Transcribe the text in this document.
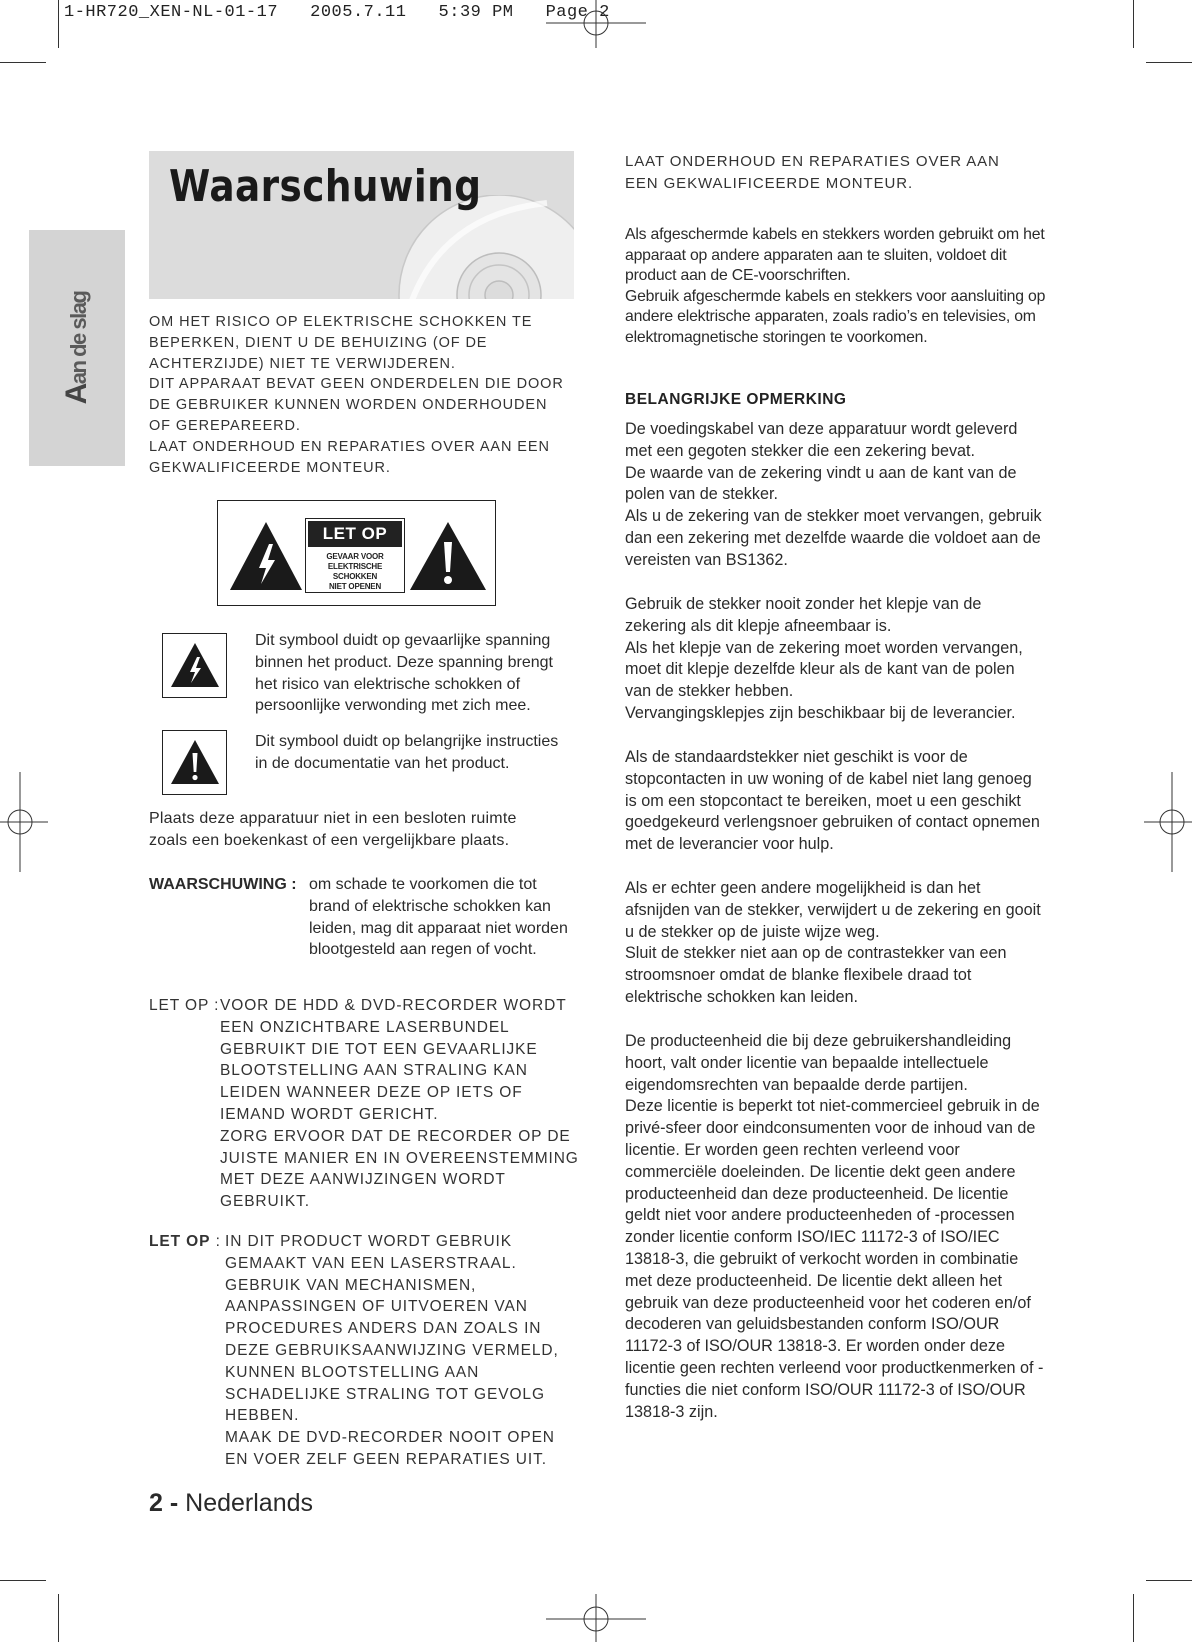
1-HR720_XEN-NL-01-17   2005.7.11   5:39 PM   Page 2
Aan de slag
Waarschuwing
OM HET RISICO OP ELEKTRISCHE SCHOKKEN TE BEPERKEN, DIENT U DE BEHUIZING (OF DE ACHTERZIJDE) NIET TE VERWIJDEREN.
DIT APPARAAT BEVAT GEEN ONDERDELEN DIE DOOR DE GEBRUIKER KUNNEN WORDEN ONDERHOUDEN OF GEREPAREERD.
LAAT ONDERHOUD EN REPARATIES OVER AAN EEN GEKWALIFICEERDE MONTEUR.
LET OP
GEVAAR VOOR
ELEKTRISCHE SCHOKKEN
NIET OPENEN
Dit symbool duidt op gevaarlijke spanning binnen het product. Deze spanning brengt het risico van elektrische schokken of persoonlijke verwonding met zich mee.
Dit symbool duidt op belangrijke instructies in de documentatie van het product.
Plaats deze apparatuur niet in een besloten ruimte zoals een boekenkast of een vergelijkbare plaats.
WAARSCHUWING : om schade te voorkomen die tot brand of elektrische schokken kan leiden, mag dit apparaat niet worden blootgesteld aan regen of vocht.
LET OP : VOOR DE HDD & DVD-RECORDER WORDT EEN ONZICHTBARE LASERBUNDEL GEBRUIKT DIE TOT EEN GEVAARLIJKE BLOOTSTELLING AAN STRALING KAN LEIDEN WANNEER DEZE OP IETS OF IEMAND WORDT GERICHT.
ZORG ERVOOR DAT DE RECORDER OP DE JUISTE MANIER EN IN OVEREENSTEMMING MET DEZE AANWIJZINGEN WORDT GEBRUIKT.
LET OP : IN DIT PRODUCT WORDT GEBRUIK GEMAAKT VAN EEN LASERSTRAAL. GEBRUIK VAN MECHANISMEN, AANPASSINGEN OF UITVOEREN VAN PROCEDURES ANDERS DAN ZOALS IN DEZE GEBRUIKSAANWIJZING VERMELD, KUNNEN BLOOTSTELLING AAN SCHADELIJKE STRALING TOT GEVOLG HEBBEN.
MAAK DE DVD-RECORDER NOOIT OPEN EN VOER ZELF GEEN REPARATIES UIT.
2 - Nederlands
LAAT ONDERHOUD EN REPARATIES OVER AAN EEN GEKWALIFICEERDE MONTEUR.
Als afgeschermde kabels en stekkers worden gebruikt om het apparaat op andere apparaten aan te sluiten, voldoet dit product aan de CE-voorschriften.
Gebruik afgeschermde kabels en stekkers voor aansluiting op andere elektrische apparaten, zoals radio’s en televisies, om elektromagnetische storingen te voorkomen.
BELANGRIJKE OPMERKING
De voedingskabel van deze apparatuur wordt geleverd met een gegoten stekker die een zekering bevat.
De waarde van de zekering vindt u aan de kant van de polen van de stekker.
Als u de zekering van de stekker moet vervangen, gebruik dan een zekering met dezelfde waarde die voldoet aan de vereisten van BS1362.
Gebruik de stekker nooit zonder het klepje van de zekering als dit klepje afneembaar is.
Als het klepje van de zekering moet worden vervangen, moet dit klepje dezelfde kleur als de kant van de polen van de stekker hebben.
Vervangingsklepjes zijn beschikbaar bij de leverancier.
Als de standaardstekker niet geschikt is voor de stopcontacten in uw woning of de kabel niet lang genoeg is om een stopcontact te bereiken, moet u een geschikt goedgekeurd verlengsnoer gebruiken of contact opnemen met de leverancier voor hulp.
Als er echter geen andere mogelijkheid is dan het afsnijden van de stekker, verwijdert u de zekering en gooit u de stekker op de juiste wijze weg.
Sluit de stekker niet aan op de contrastekker van een stroomsnoer omdat de blanke flexibele draad tot elektrische schokken kan leiden.
De producteenheid die bij deze gebruikershandleiding hoort, valt onder licentie van bepaalde intellectuele eigendomsrechten van bepaalde derde partijen.
Deze licentie is beperkt tot niet-commercieel gebruik in de privé-sfeer door eindconsumenten voor de inhoud van de licentie. Er worden geen rechten verleend voor commerciële doeleinden. De licentie dekt geen andere producteenheid dan deze producteenheid. De licentie geldt niet voor andere producteenheden of -processen zonder licentie conform ISO/IEC 11172-3 of ISO/IEC 13818-3, die gebruikt of verkocht worden in combinatie met deze producteenheid. De licentie dekt alleen het gebruik van deze producteenheid voor het coderen en/of decoderen van geluidsbestanden conform ISO/OUR 11172-3 of ISO/OUR 13818-3. Er worden onder deze licentie geen rechten verleend voor productkenmerken of -functies die niet conform ISO/OUR 11172-3 of ISO/OUR 13818-3 zijn.
